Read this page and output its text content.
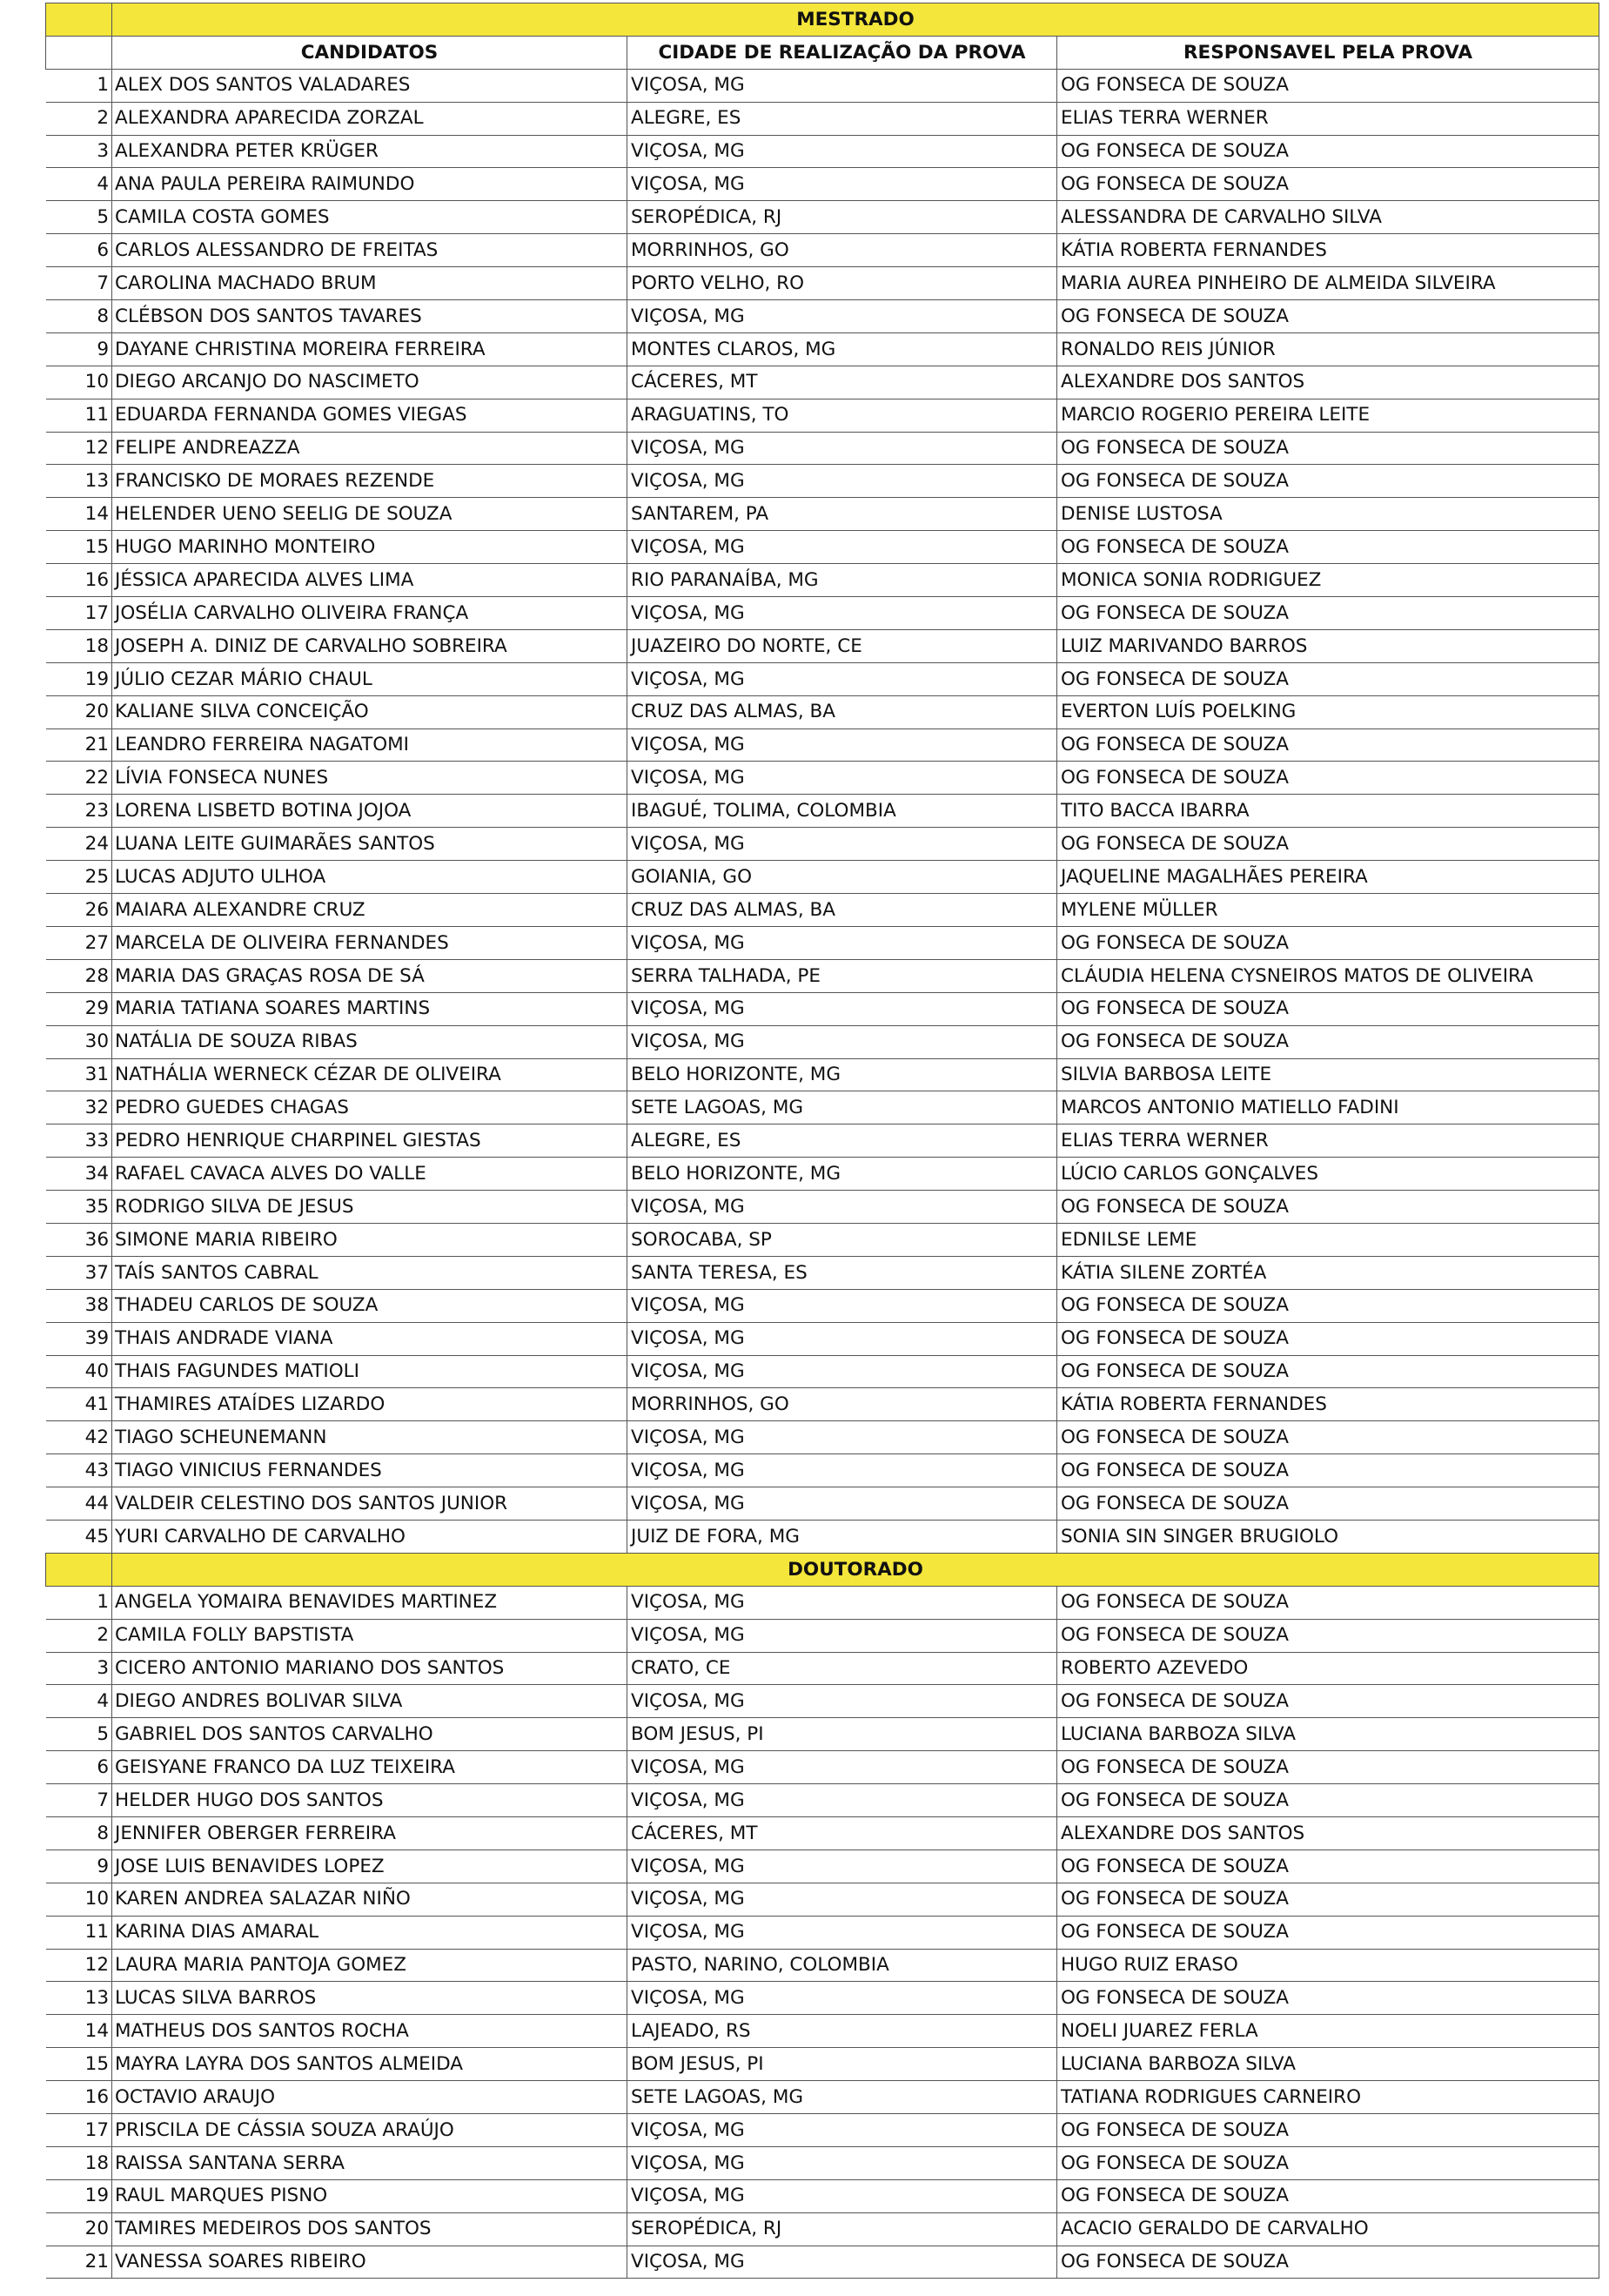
	MESTRADO		
	CANDIDATOS	CIDADE DE REALIZAÇÃO DA PROVA	RESPONSAVEL PELA PROVA
1	ALEX DOS SANTOS VALADARES	VIÇOSA, MG	OG FONSECA DE SOUZA
2	ALEXANDRA APARECIDA ZORZAL	ALEGRE, ES	ELIAS TERRA WERNER
3	ALEXANDRA PETER KRÜGER	VIÇOSA, MG	OG FONSECA DE SOUZA
4	ANA PAULA PEREIRA RAIMUNDO	VIÇOSA, MG	OG FONSECA DE SOUZA
5	CAMILA COSTA GOMES	SEROPÉDICA, RJ	ALESSANDRA DE CARVALHO SILVA
6	CARLOS ALESSANDRO DE FREITAS	MORRINHOS, GO	KÁTIA ROBERTA FERNANDES
7	CAROLINA MACHADO BRUM	PORTO VELHO, RO	MARIA AUREA PINHEIRO DE ALMEIDA SILVEIRA
8	CLÉBSON DOS SANTOS TAVARES	VIÇOSA, MG	OG FONSECA DE SOUZA
9	DAYANE CHRISTINA MOREIRA FERREIRA	MONTES CLAROS, MG	RONALDO REIS JÚNIOR
10	DIEGO ARCANJO DO NASCIMETO	CÁCERES, MT	ALEXANDRE DOS SANTOS
11	EDUARDA FERNANDA GOMES VIEGAS	ARAGUATINS, TO	MARCIO ROGERIO PEREIRA LEITE
12	FELIPE ANDREAZZA	VIÇOSA, MG	OG FONSECA DE SOUZA
13	FRANCISKO DE MORAES REZENDE	VIÇOSA, MG	OG FONSECA DE SOUZA
14	HELENDER UENO SEELIG DE SOUZA	SANTAREM, PA	DENISE LUSTOSA
15	HUGO MARINHO MONTEIRO	VIÇOSA, MG	OG FONSECA DE SOUZA
16	JÉSSICA APARECIDA ALVES LIMA	RIO PARANAÍBA, MG	MONICA SONIA RODRIGUEZ
17	JOSÉLIA CARVALHO OLIVEIRA FRANÇA	VIÇOSA, MG	OG FONSECA DE SOUZA
18	JOSEPH A. DINIZ DE CARVALHO SOBREIRA	JUAZEIRO DO NORTE, CE	LUIZ MARIVANDO BARROS
19	JÚLIO CEZAR MÁRIO CHAUL	VIÇOSA, MG	OG FONSECA DE SOUZA
20	KALIANE SILVA CONCEIÇÃO	CRUZ DAS ALMAS, BA	EVERTON LUÍS POELKING
21	LEANDRO FERREIRA NAGATOMI	VIÇOSA, MG	OG FONSECA DE SOUZA
22	LÍVIA FONSECA NUNES	VIÇOSA, MG	OG FONSECA DE SOUZA
23	LORENA LISBETD BOTINA JOJOA	IBAGUÉ, TOLIMA, COLOMBIA	TITO BACCA IBARRA
24	LUANA LEITE GUIMARÃES SANTOS	VIÇOSA, MG	OG FONSECA DE SOUZA
25	LUCAS ADJUTO ULHOA	GOIANIA, GO	JAQUELINE MAGALHÃES PEREIRA
26	MAIARA ALEXANDRE CRUZ	CRUZ DAS ALMAS, BA	MYLENE MÜLLER
27	MARCELA DE OLIVEIRA FERNANDES	VIÇOSA, MG	OG FONSECA DE SOUZA
28	MARIA DAS GRAÇAS ROSA DE SÁ	SERRA TALHADA, PE	CLÁUDIA HELENA CYSNEIROS MATOS DE OLIVEIRA
29	MARIA TATIANA SOARES MARTINS	VIÇOSA, MG	OG FONSECA DE SOUZA
30	NATÁLIA DE SOUZA RIBAS	VIÇOSA, MG	OG FONSECA DE SOUZA
31	NATHÁLIA WERNECK CÉZAR DE OLIVEIRA	BELO HORIZONTE, MG	SILVIA BARBOSA LEITE
32	PEDRO GUEDES CHAGAS	SETE LAGOAS, MG	MARCOS ANTONIO MATIELLO FADINI
33	PEDRO HENRIQUE CHARPINEL GIESTAS	ALEGRE, ES	ELIAS TERRA WERNER
34	RAFAEL CAVACA ALVES DO VALLE	BELO HORIZONTE, MG	LÚCIO CARLOS GONÇALVES
35	RODRIGO SILVA DE JESUS	VIÇOSA, MG	OG FONSECA DE SOUZA
36	SIMONE MARIA RIBEIRO	SOROCABA, SP	EDNILSE LEME
37	TAÍS SANTOS CABRAL	SANTA TERESA, ES	KÁTIA SILENE ZORTÉA
38	THADEU CARLOS DE SOUZA	VIÇOSA, MG	OG FONSECA DE SOUZA
39	THAIS ANDRADE VIANA	VIÇOSA, MG	OG FONSECA DE SOUZA
40	THAIS FAGUNDES MATIOLI	VIÇOSA, MG	OG FONSECA DE SOUZA
41	THAMIRES ATAÍDES LIZARDO	MORRINHOS, GO	KÁTIA ROBERTA FERNANDES
42	TIAGO SCHEUNEMANN	VIÇOSA, MG	OG FONSECA DE SOUZA
43	TIAGO VINICIUS FERNANDES	VIÇOSA, MG	OG FONSECA DE SOUZA
44	VALDEIR CELESTINO DOS SANTOS JUNIOR	VIÇOSA, MG	OG FONSECA DE SOUZA
45	YURI CARVALHO DE CARVALHO	JUIZ DE FORA, MG	SONIA SIN SINGER BRUGIOLO
	DOUTORADO		
1	ANGELA YOMAIRA BENAVIDES MARTINEZ	VIÇOSA, MG	OG FONSECA DE SOUZA
2	CAMILA FOLLY BAPSTISTA	VIÇOSA, MG	OG FONSECA DE SOUZA
3	CICERO ANTONIO MARIANO DOS SANTOS	CRATO, CE	ROBERTO AZEVEDO
4	DIEGO ANDRES BOLIVAR SILVA	VIÇOSA, MG	OG FONSECA DE SOUZA
5	GABRIEL DOS SANTOS CARVALHO	BOM JESUS, PI	LUCIANA BARBOZA SILVA
6	GEISYANE FRANCO DA LUZ TEIXEIRA	VIÇOSA, MG	OG FONSECA DE SOUZA
7	HELDER HUGO DOS SANTOS	VIÇOSA, MG	OG FONSECA DE SOUZA
8	JENNIFER OBERGER FERREIRA	CÁCERES, MT	ALEXANDRE DOS SANTOS
9	JOSE LUIS BENAVIDES LOPEZ	VIÇOSA, MG	OG FONSECA DE SOUZA
10	KAREN ANDREA SALAZAR NIÑO	VIÇOSA, MG	OG FONSECA DE SOUZA
11	KARINA DIAS AMARAL	VIÇOSA, MG	OG FONSECA DE SOUZA
12	LAURA MARIA PANTOJA GOMEZ	PASTO, NARINO, COLOMBIA	HUGO RUIZ ERASO
13	LUCAS SILVA BARROS	VIÇOSA, MG	OG FONSECA DE SOUZA
14	MATHEUS DOS SANTOS ROCHA	LAJEADO, RS	NOELI JUAREZ FERLA
15	MAYRA LAYRA DOS SANTOS ALMEIDA	BOM JESUS, PI	LUCIANA BARBOZA SILVA
16	OCTAVIO ARAUJO	SETE LAGOAS, MG	TATIANA RODRIGUES CARNEIRO
17	PRISCILA DE CÁSSIA SOUZA ARAÚJO	VIÇOSA, MG	OG FONSECA DE SOUZA
18	RAISSA SANTANA SERRA	VIÇOSA, MG	OG FONSECA DE SOUZA
19	RAUL MARQUES PISNO	VIÇOSA, MG	OG FONSECA DE SOUZA
20	TAMIRES MEDEIROS DOS SANTOS	SEROPÉDICA, RJ	ACACIO GERALDO DE CARVALHO
21	VANESSA SOARES RIBEIRO	VIÇOSA, MG	OG FONSECA DE SOUZA
